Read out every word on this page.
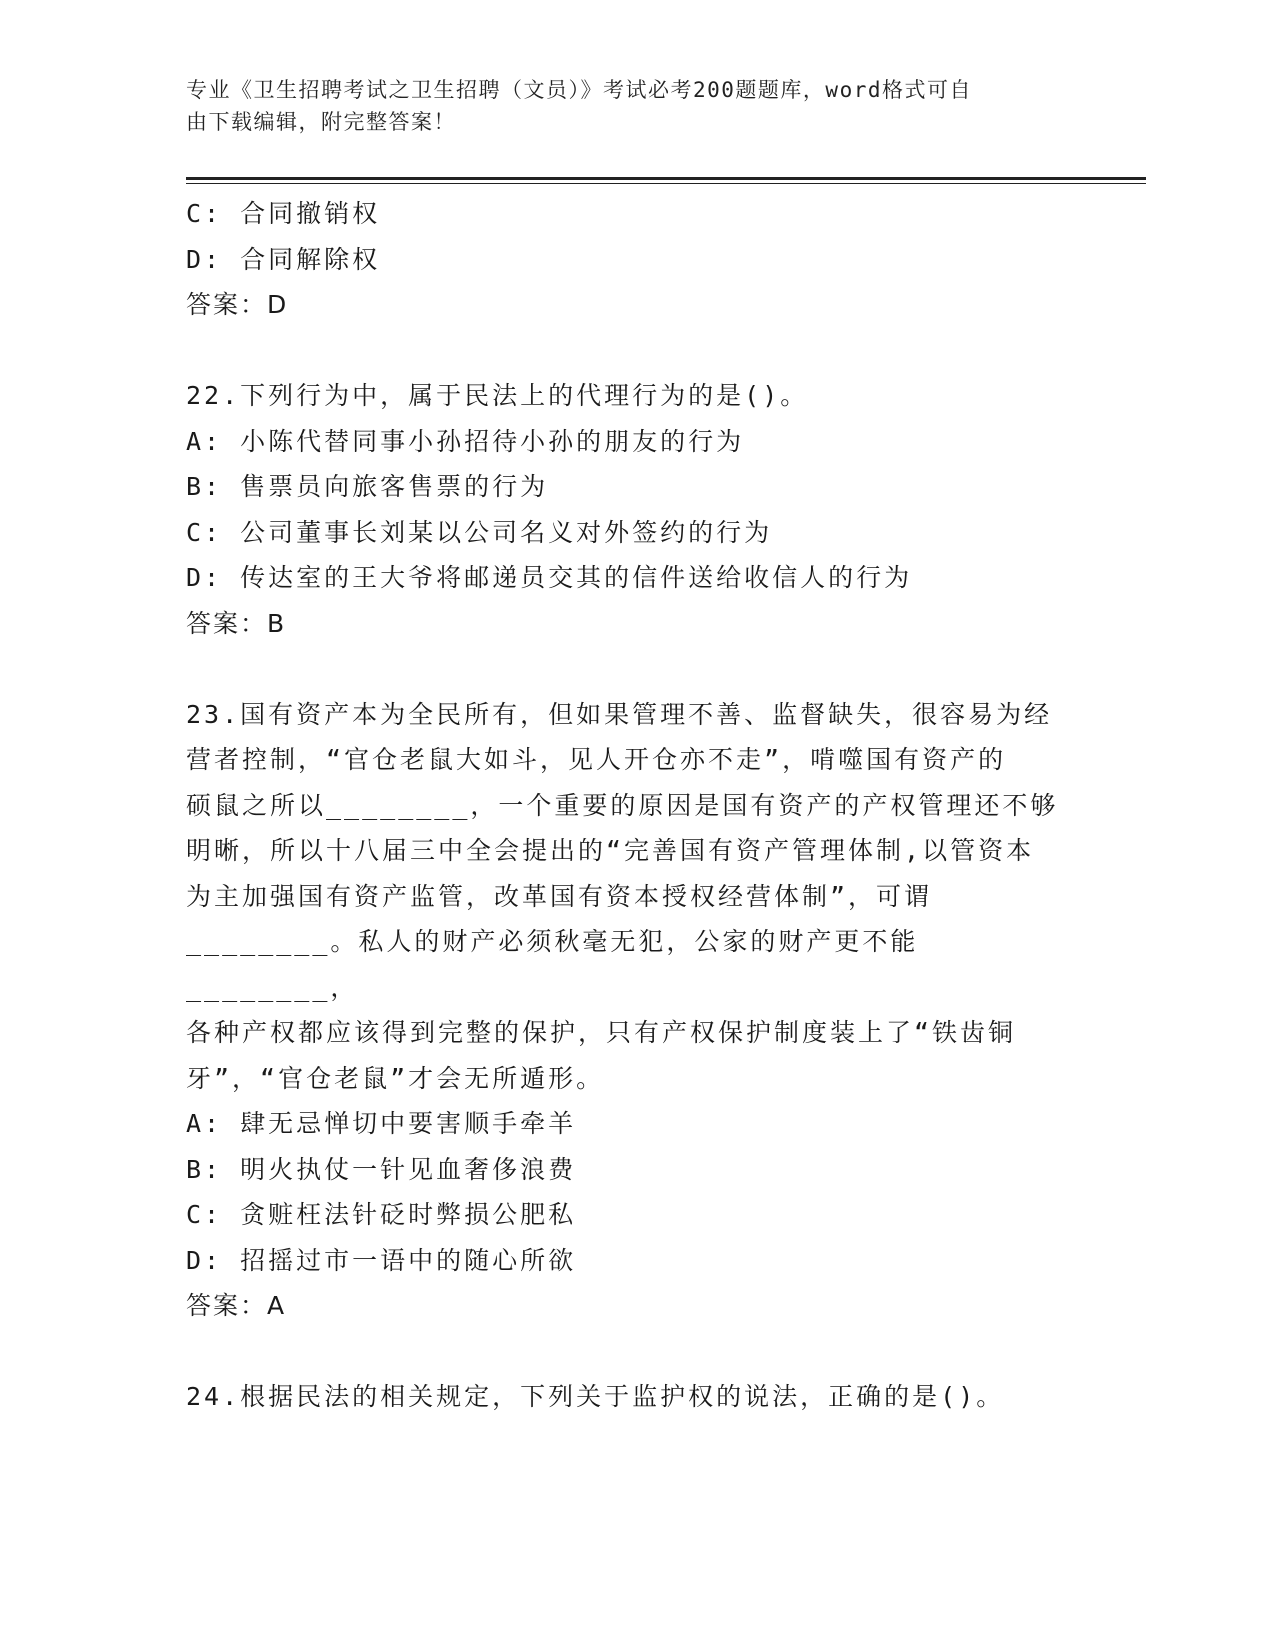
专业《卫生招聘考试之卫生招聘（文员）》考试必考200题题库，word格式可自
由下载编辑，附完整答案！
C: 合同撤销权
D: 合同解除权
答案：D
22.下列行为中，属于民法上的代理行为的是()。
A: 小陈代替同事小孙招待小孙的朋友的行为
B: 售票员向旅客售票的行为
C: 公司董事长刘某以公司名义对外签约的行为
D: 传达室的王大爷将邮递员交其的信件送给收信人的行为
答案：B
23.国有资产本为全民所有，但如果管理不善、监督缺失，很容易为经
营者控制，“官仓老鼠大如斗，见人开仓亦不走”，啃噬国有资产的
硕鼠之所以________，一个重要的原因是国有资产的产权管理还不够
明晰，所以十八届三中全会提出的“完善国有资产管理体制,以管资本
为主加强国有资产监管，改革国有资本授权经营体制”，可谓
________。私人的财产必须秋毫无犯，公家的财产更不能________，
各种产权都应该得到完整的保护，只有产权保护制度装上了“铁齿铜
牙”，“官仓老鼠”才会无所遁形。
A: 肆无忌惮切中要害顺手牵羊
B: 明火执仗一针见血奢侈浪费
C: 贪赃枉法针砭时弊损公肥私
D: 招摇过市一语中的随心所欲
答案：A
24.根据民法的相关规定，下列关于监护权的说法，正确的是()。
